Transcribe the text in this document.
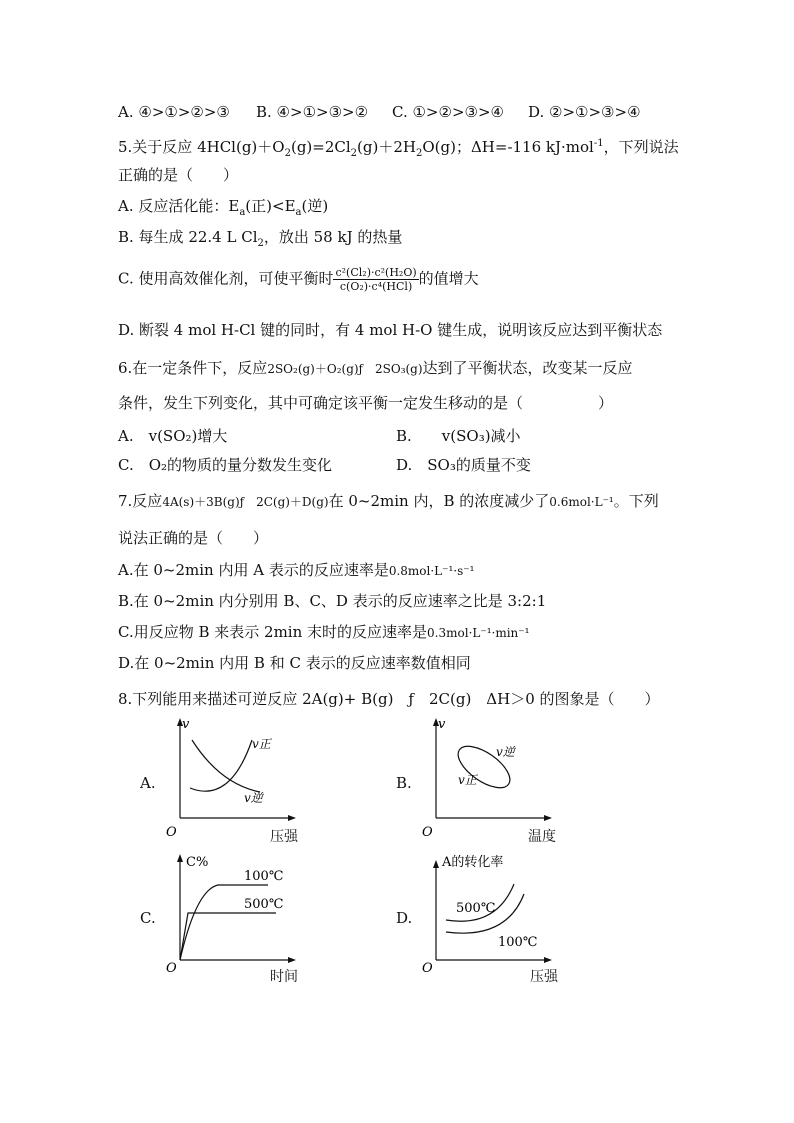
A. ④>①>②>③ B. ④>①>③>② C. ①>②>③>④ D. ②>①>③>④
5.关于反应 $4HCl(g)+O_2(g)=2Cl_2(g)+2H_2O(g)$；ΔH=-116 kJ·mol$^{-1}$，下列说法
正确的是（　　）
A. 反应活化能：$E_a$(正)$<E_a$(逆)
B. 每生成 22.4 L $Cl_2$，放出 58 kJ 的热量
C. 使用高效催化剂，可使平衡时 $\frac{\text{c²(Cl₂)·c²(H₂O)}}{\text{c(O₂)·c⁴(HCl)}}$ 的值增大
D. 断裂 4 mol H-Cl 键的同时，有 4 mol H-O 键生成，说明该反应达到平衡状态
6.在一定条件下，反应2SO₂(g)＋O₂(g)ƒ　2SO₃(g)达到了平衡状态，改变某一反应
条件，发生下列变化，其中可确定该平衡一定发生移动的是（　　　　　）
A.　v(SO₂)增大	B.　　v(SO₃)减小
C.　O₂的物质的量分数发生变化	D.　SO₃的质量不变
7.反应4A(s)＋3B(g)ƒ　2C(g)＋D(g)在 0~2min 内，B 的浓度减少了0.6mol·L⁻¹。下列
说法正确的是（　　）
A.在 0~2min 内用 A 表示的反应速率是0.8mol·L⁻¹·s⁻¹
B.在 0~2min 内分别用 B、C、D 表示的反应速率之比是 3:2:1
C.用反应物 B 来表示 2min 末时的反应速率是0.3mol·L⁻¹·min⁻¹
D.在 0~2min 内用 B 和 C 表示的反应速率数值相同
8.下列能用来描述可逆反应 2A(g)+ B(g)　ƒ　2C(g)　ΔH＞0 的图象是（　　）
A.	B.
C.	D.
v
v正
v逆
O	压强
v
v逆
v正
O	温度
C%
100℃
500℃
O
时间
A的转化率
500℃
100℃
O
压强
